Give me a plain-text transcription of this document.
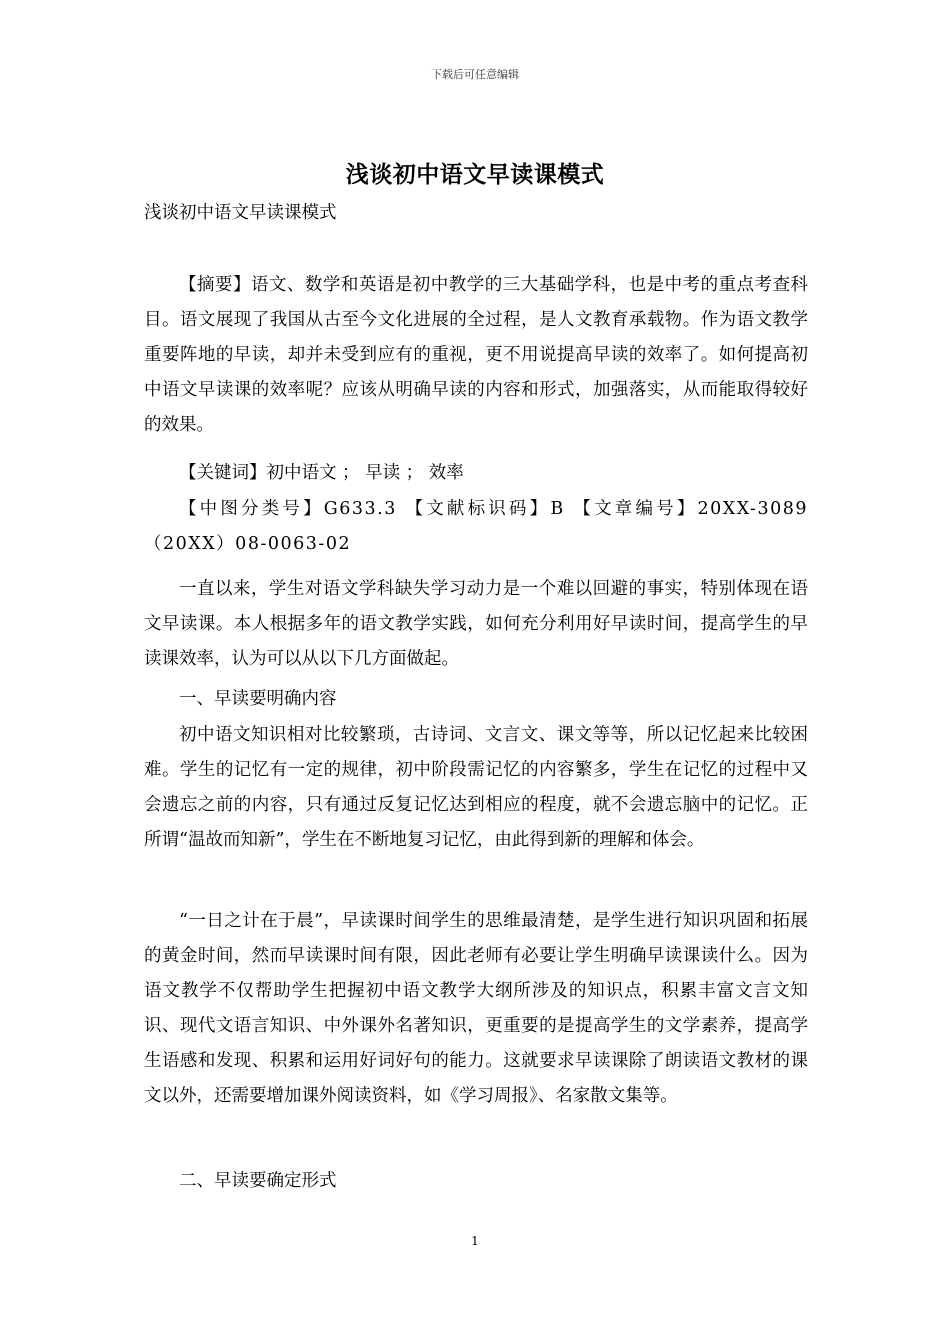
下载后可任意编辑
浅谈初中语文早读课模式
浅谈初中语文早读课模式
【摘要】语文、数学和英语是初中教学的三大基础学科，也是中考的重点考查科目。语文展现了我国从古至今文化进展的全过程，是人文教育承载物。作为语文教学重要阵地的早读，却并未受到应有的重视，更不用说提高早读的效率了。如何提高初中语文早读课的效率呢？应该从明确早读的内容和形式，加强落实，从而能取得较好的效果。
【关键词】初中语文 ； 早读 ； 效率
【中图分类号】G633.3 【文献标识码】B 【文章编号】20XX-3089（20XX）08-0063-02
一直以来，学生对语文学科缺失学习动力是一个难以回避的事实，特别体现在语文早读课。本人根据多年的语文教学实践，如何充分利用好早读时间，提高学生的早读课效率，认为可以从以下几方面做起。
一、早读要明确内容
初中语文知识相对比较繁琐，古诗词、文言文、课文等等，所以记忆起来比较困难。学生的记忆有一定的规律，初中阶段需记忆的内容繁多，学生在记忆的过程中又会遗忘之前的内容，只有通过反复记忆达到相应的程度，就不会遗忘脑中的记忆。正所谓“温故而知新”，学生在不断地复习记忆，由此得到新的理解和体会。
“一日之计在于晨”，早读课时间学生的思维最清楚，是学生进行知识巩固和拓展的黄金时间，然而早读课时间有限，因此老师有必要让学生明确早读课读什么。因为语文教学不仅帮助学生把握初中语文教学大纲所涉及的知识点，积累丰富文言文知识、现代文语言知识、中外课外名著知识，更重要的是提高学生的文学素养，提高学生语感和发现、积累和运用好词好句的能力。这就要求早读课除了朗读语文教材的课文以外，还需要增加课外阅读资料，如《学习周报》、名家散文集等。
二、早读要确定形式
1
